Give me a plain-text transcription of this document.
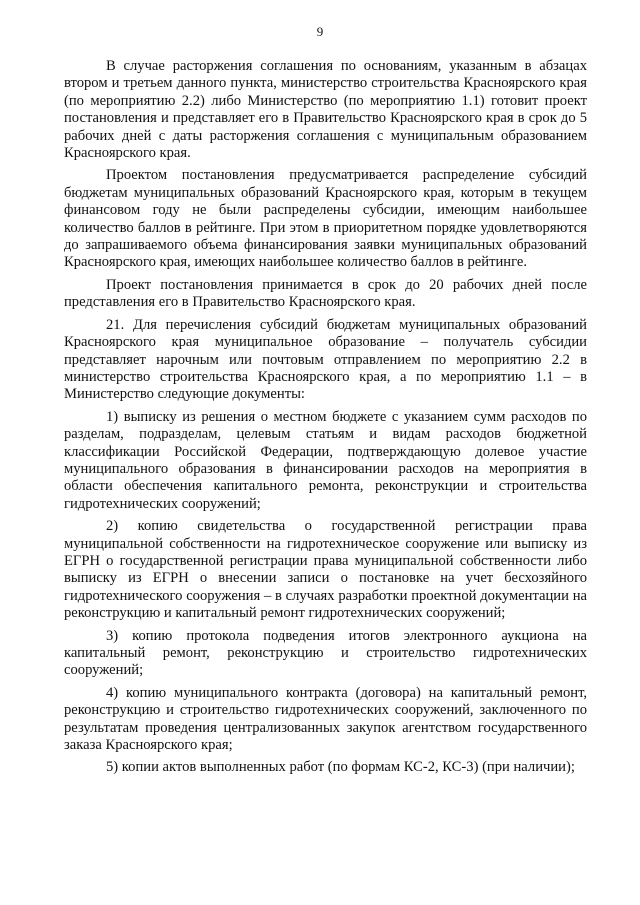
9

В случае расторжения соглашения по основаниям, указанным в абзацах втором и третьем данного пункта, министерство строительства Красноярского края (по мероприятию 2.2) либо Министерство (по мероприятию 1.1) готовит проект постановления и представляет его в Правительство Красноярского края в срок до 5 рабочих дней с даты расторжения соглашения с муниципальным образованием Красноярского края.

Проектом постановления предусматривается распределение субсидий бюджетам муниципальных образований Красноярского края, которым в текущем финансовом году не были распределены субсидии, имеющим наибольшее количество баллов в рейтинге. При этом в приоритетном порядке удовлетворяются до запрашиваемого объема финансирования заявки муниципальных образований Красноярского края, имеющих наибольшее количество баллов в рейтинге.

Проект постановления принимается в срок до 20 рабочих дней после представления его в Правительство Красноярского края.

21. Для перечисления субсидий бюджетам муниципальных образований Красноярского края муниципальное образование – получатель субсидии представляет нарочным или почтовым отправлением по мероприятию 2.2 в министерство строительства Красноярского края, а по мероприятию 1.1 – в Министерство следующие документы:

1) выписку из решения о местном бюджете с указанием сумм расходов по разделам, подразделам, целевым статьям и видам расходов бюджетной классификации Российской Федерации, подтверждающую долевое участие муниципального образования в финансировании расходов на мероприятия в области обеспечения капитального ремонта, реконструкции и строительства гидротехнических сооружений;

2) копию свидетельства о государственной регистрации права муниципальной собственности на гидротехническое сооружение или выписку из ЕГРН о государственной регистрации права муниципальной собственности либо выписку из ЕГРН о внесении записи о постановке на учет бесхозяйного гидротехнического сооружения – в случаях разработки проектной документации на реконструкцию и капитальный ремонт гидротехнических сооружений;

3) копию протокола подведения итогов электронного аукциона на капитальный ремонт, реконструкцию и строительство гидротехнических сооружений;

4) копию муниципального контракта (договора) на капитальный ремонт, реконструкцию и строительство гидротехнических сооружений, заключенного по результатам проведения централизованных закупок агентством государственного заказа Красноярского края;

5) копии актов выполненных работ (по формам КС-2, КС-3) (при наличии);
